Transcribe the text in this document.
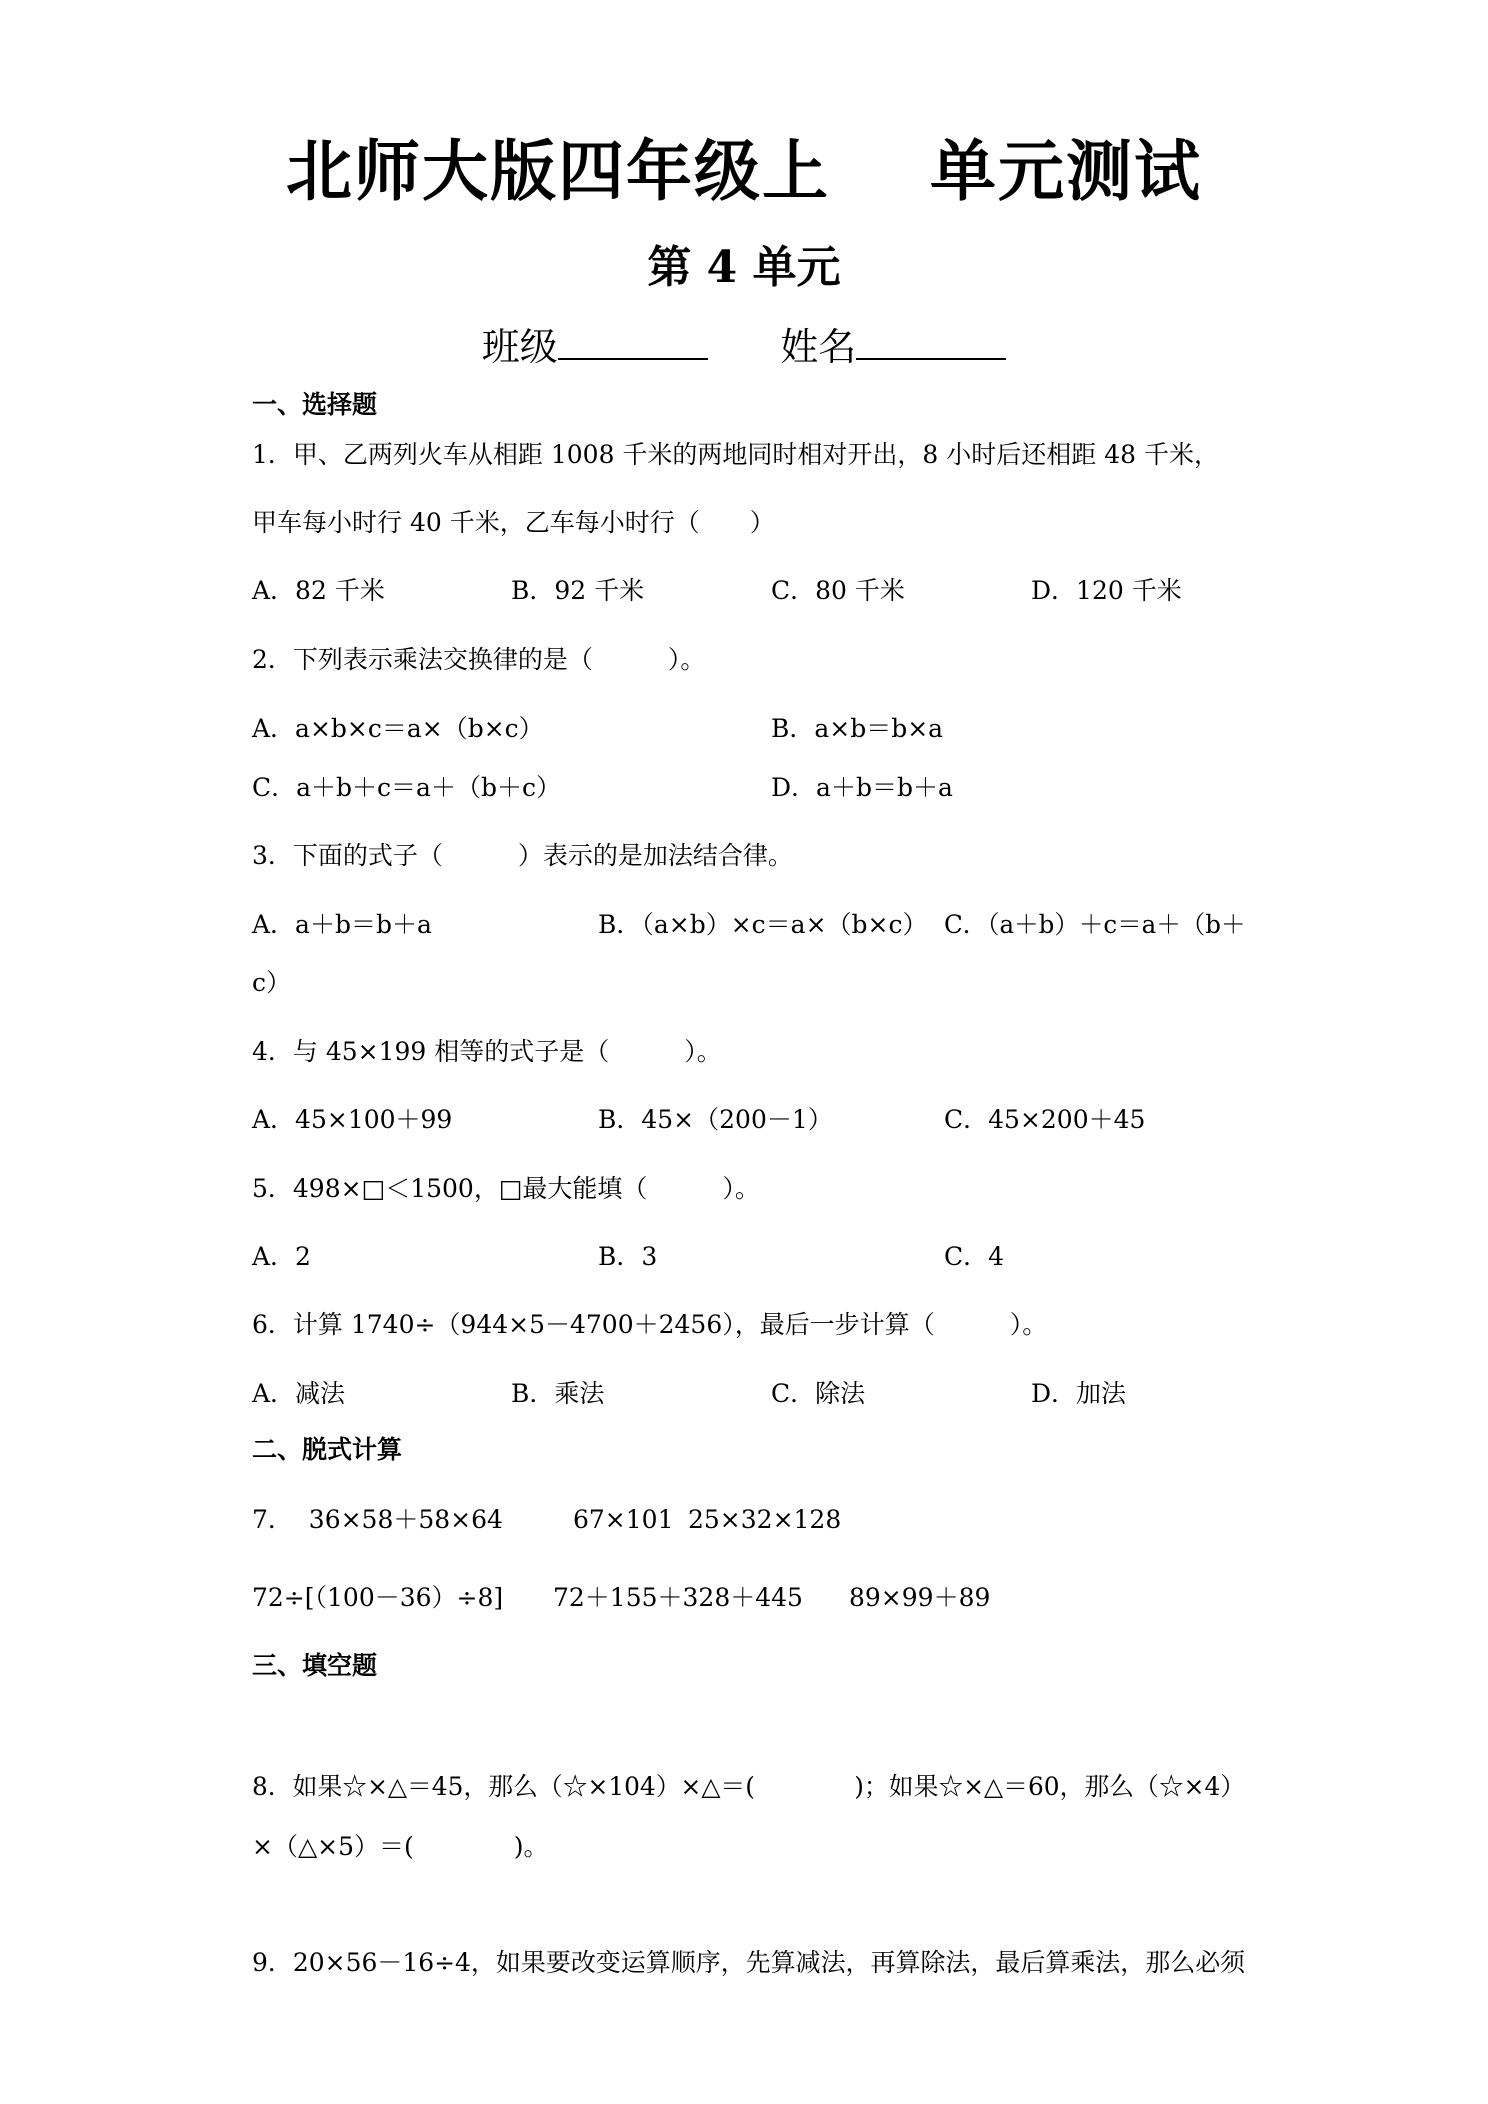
北师大版四年级上    单元测试
第 4 单元
班级	姓名
一、选择题
1．甲、乙两列火车从相距 1008 千米的两地同时相对开出，8 小时后还相距 48 千米，
甲车每小时行 40 千米，乙车每小时行（　　）
A．82 千米	B．92 千米	C．80 千米	D．120 千米
2．下列表示乘法交换律的是（　　　）。
A．a×b×c＝a×（b×c）	B．a×b＝b×a
C．a＋b＋c＝a＋（b＋c）	D．a＋b＝b＋a
3．下面的式子（　　　）表示的是加法结合律。
A．a＋b＝b＋a	B．（a×b）×c＝a×（b×c） C．（a＋b）＋c＝a＋（b＋
c）
4．与 45×199 相等的式子是（　　　）。
A．45×100＋99	B．45×（200－1）	C．45×200＋45
5．498×□＜1500，□最大能填（　　　）。
A．2	B．3	C．4
6．计算 1740÷（944×5－4700＋2456），最后一步计算（　　　）。
A．减法	B．乘法	C．除法	D．加法
二、脱式计算
7．  36×58＋58×64	67×101 25×32×128
72÷[（100－36）÷8] 72＋155＋328＋445 89×99＋89
三、填空题
8．如果☆×△＝45，那么（☆×104）×△＝(　　　　)；如果☆×△＝60，那么（☆×4）
×（△×5）＝(　　　　)。
9．20×56－16÷4，如果要改变运算顺序，先算减法，再算除法，最后算乘法，那么必须
